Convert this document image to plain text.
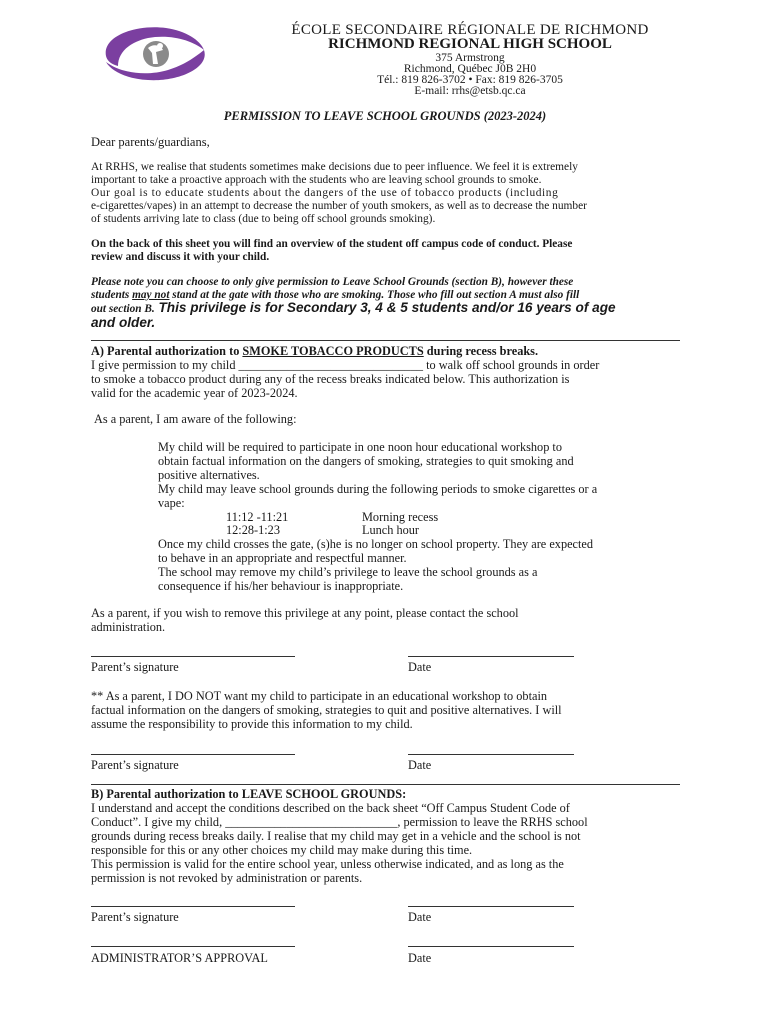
ÉCOLE SECONDAIRE RÉGIONALE DE RICHMOND
RICHMOND REGIONAL HIGH SCHOOL
375 Armstrong
Richmond, Québec J0B 2H0
Tél.: 819 826-3702 • Fax: 819 826-3705
E-mail: rrhs@etsb.qc.ca
PERMISSION TO LEAVE SCHOOL GROUNDS (2023-2024)
Dear parents/guardians,
At RRHS, we realise that students sometimes make decisions due to peer influence. We feel it is extremely
important to take a proactive approach with the students who are leaving school grounds to smoke.
Our goal is to educate students about the dangers of the use of tobacco products (including
e-cigarettes/vapes) in an attempt to decrease the number of youth smokers, as well as to decrease the number
of students arriving late to class (due to being off school grounds smoking).
On the back of this sheet you will find an overview of the student off campus code of conduct. Please
review and discuss it with your child.
Please note you can choose to only give permission to Leave School Grounds (section B), however these
students may not stand at the gate with those who are smoking. Those who fill out section A must also fill
out section B. This privilege is for Secondary 3, 4 & 5 students and/or 16 years of age
and older.
A) Parental authorization to SMOKE TOBACCO PRODUCTS during recess breaks.
I give permission to my child ______________________________ to walk off school grounds in order
to smoke a tobacco product during any of the recess breaks indicated below. This authorization is
valid for the academic year of 2023-2024.
As a parent, I am aware of the following:
My child will be required to participate in one noon hour educational workshop to
obtain factual information on the dangers of smoking, strategies to quit smoking and
positive alternatives.
My child may leave school grounds during the following periods to smoke cigarettes or a
vape:
11:12 -11:21	Morning recess
12:28-1:23	Lunch hour
Once my child crosses the gate, (s)he is no longer on school property. They are expected
to behave in an appropriate and respectful manner.
The school may remove my child’s privilege to leave the school grounds as a
consequence if his/her behaviour is inappropriate.
As a parent, if you wish to remove this privilege at any point, please contact the school
administration.
Parent’s signature	Date
** As a parent, I DO NOT want my child to participate in an educational workshop to obtain
factual information on the dangers of smoking, strategies to quit and positive alternatives. I will
assume the responsibility to provide this information to my child.
Parent’s signature	Date
B) Parental authorization to LEAVE SCHOOL GROUNDS:
I understand and accept the conditions described on the back sheet “Off Campus Student Code of
Conduct”. I give my child, ____________________________, permission to leave the RRHS school
grounds during recess breaks daily. I realise that my child may get in a vehicle and the school is not
responsible for this or any other choices my child may make during this time.
This permission is valid for the entire school year, unless otherwise indicated, and as long as the
permission is not revoked by administration or parents.
Parent’s signature	Date
ADMINISTRATOR’S APPROVAL	Date
